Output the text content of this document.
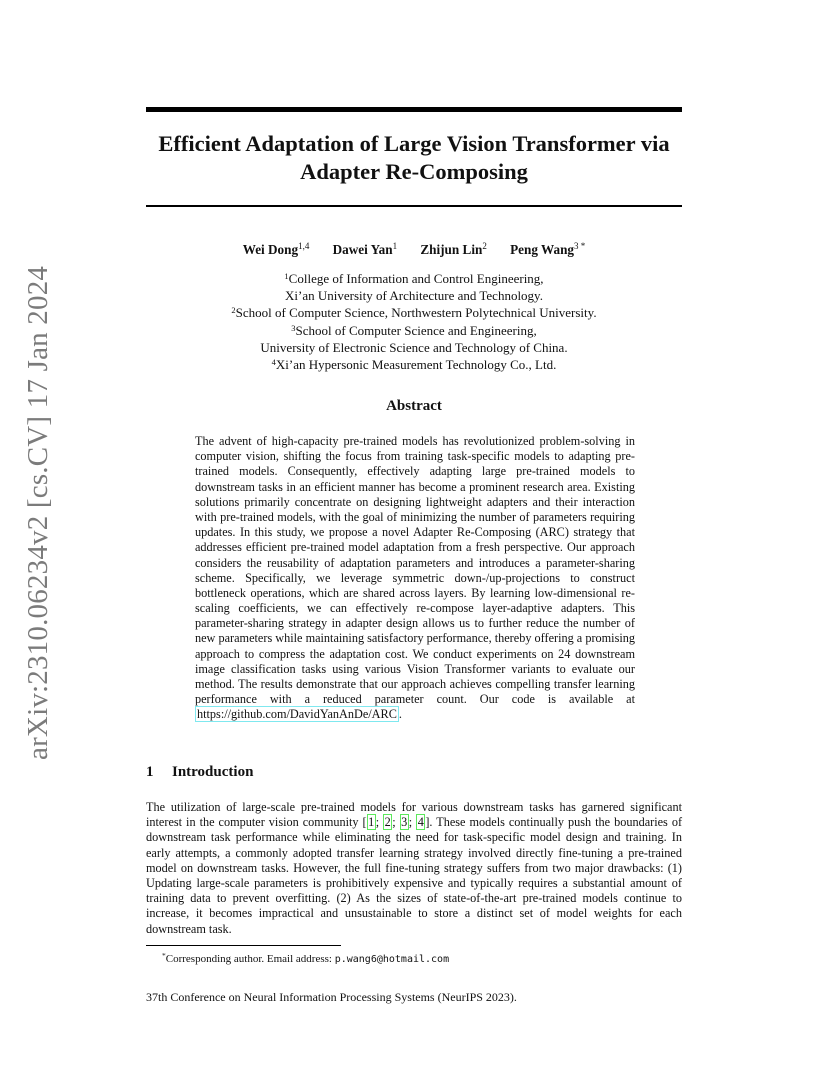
arXiv:2310.06234v2 [cs.CV] 17 Jan 2024
Efficient Adaptation of Large Vision Transformer via
Adapter Re-Composing
Wei Dong$^{1,4}$ Dawei Yan$^1$ Zhijun Lin$^2$ Peng Wang$^{3 *}$
$^1$College of Information and Control Engineering,
Xi’an University of Architecture and Technology.
$^2$School of Computer Science, Northwestern Polytechnical University.
$^3$School of Computer Science and Engineering,
University of Electronic Science and Technology of China.
$^4$Xi’an Hypersonic Measurement Technology Co., Ltd.
Abstract

The advent of high-capacity pre-trained models has revolutionized problem-solving in computer vision, shifting the focus from training task-specific models to adapting pre-trained models. Consequently, effectively adapting large pre-trained models to downstream tasks in an efficient manner has become a prominent research area. Existing solutions primarily concentrate on designing lightweight adapters and their interaction with pre-trained models, with the goal of minimizing the number of parameters requiring updates. In this study, we propose a novel Adapter Re-Composing (ARC) strategy that addresses efficient pre-trained model adaptation from a fresh perspective. Our approach considers the reusability of adaptation parameters and introduces a parameter-sharing scheme. Specifically, we leverage symmetric down-/up-projections to construct bottleneck operations, which are shared across layers. By learning low-dimensional re-scaling coefficients, we can effectively re-compose layer-adaptive adapters. This parameter-sharing strategy in adapter design allows us to further reduce the number of new parameters while maintaining satisfactory performance, thereby offering a promising approach to compress the adaptation cost. We conduct experiments on 24 downstream image classification tasks using various Vision Transformer variants to evaluate our method. The results demonstrate that our approach achieves compelling transfer learning performance with a reduced parameter count. Our code is available at https://github.com/DavidYanAnDe/ARC .

1 Introduction

The utilization of large-scale pre-trained models for various downstream tasks has garnered significant interest in the computer vision community [ 1 ; 2 ; 3 ; 4 ]. These models continually push the boundaries of downstream task performance while eliminating the need for task-specific model design and training. In early attempts, a commonly adopted transfer learning strategy involved directly fine-tuning a pre-trained model on downstream tasks. However, the full fine-tuning strategy suffers from two major drawbacks: (1) Updating large-scale parameters is prohibitively expensive and typically requires a substantial amount of training data to prevent overfitting. (2) As the sizes of state-of-the-art pre-trained models continue to increase, it becomes impractical and unsustainable to store a distinct set of model weights for each downstream task.

*Corresponding author. Email address: p.wang6@hotmail.com

37th Conference on Neural Information Processing Systems (NeurIPS 2023).
